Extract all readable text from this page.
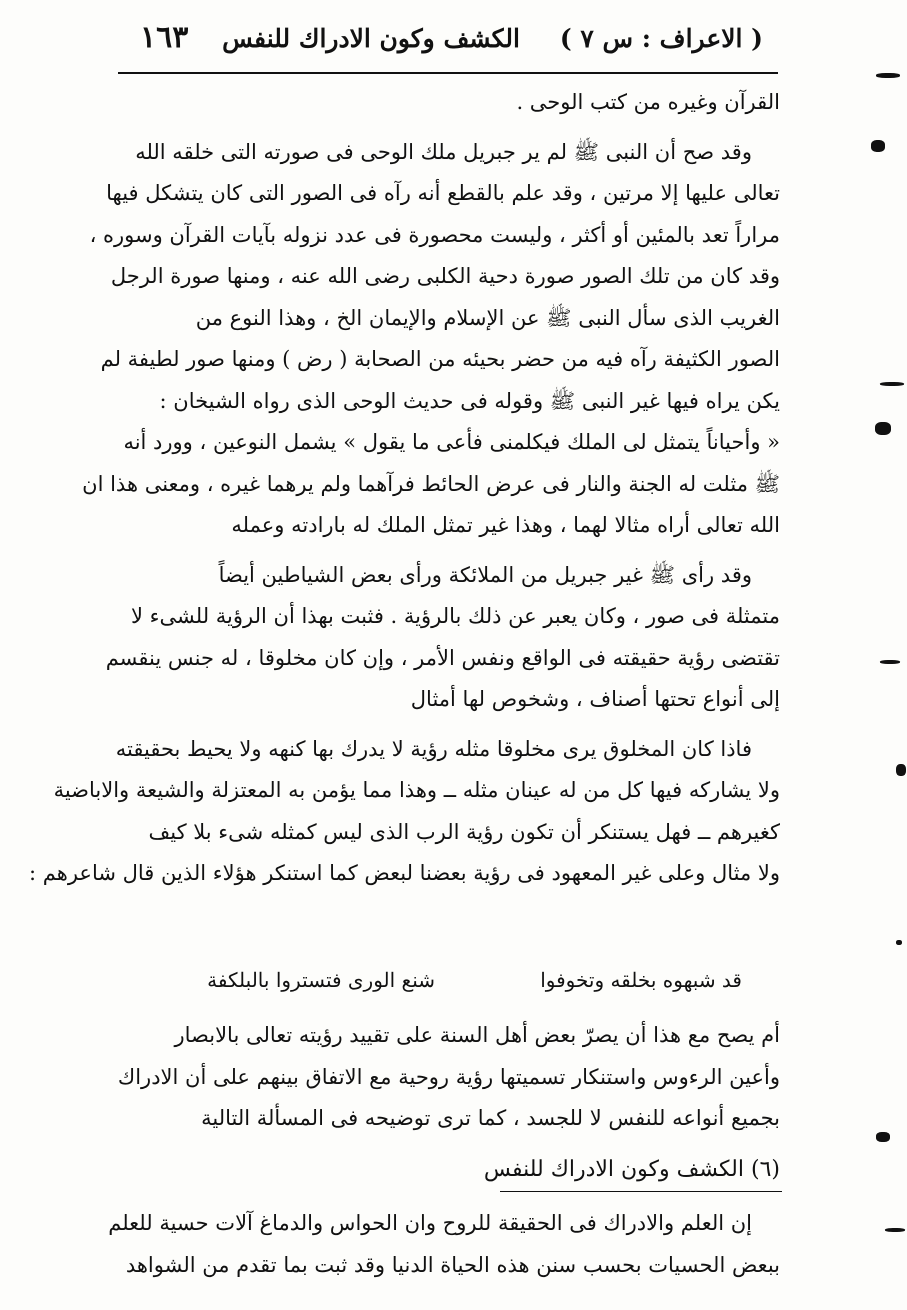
( الاعراف : س ٧ )
الكشف وكون الادراك للنفس
١٦٣
القرآن وغيره من كتب الوحى .
وقد صح أن النبى ﷺ لم ير جبريل ملك الوحى فى صورته التى خلقه الله
تعالى عليها إلا مرتين ، وقد علم بالقطع أنه رآه فى الصور التى كان يتشكل فيها
مراراً تعد بالمئين أو أكثر ، وليست محصورة فى عدد نزوله بآيات القرآن وسوره ،
وقد كان من تلك الصور صورة دحية الكلبى رضى الله عنه ، ومنها صورة الرجل
الغريب الذى سأل النبى ﷺ عن الإسلام والإيمان الخ ، وهذا النوع من
الصور الكثيفة رآه فيه من حضر بحيئه من الصحابة ( رض ) ومنها صور لطيفة لم
يكن يراه فيها غير النبى ﷺ وقوله فى حديث الوحى الذى رواه الشيخان :
« وأحياناً يتمثل لى الملك فيكلمنى فأعى ما يقول » يشمل النوعين ، وورد أنه
ﷺ مثلت له الجنة والنار فى عرض الحائط فرآهما ولم يرهما غيره ، ومعنى هذا ان
الله تعالى أراه مثالا لهما ، وهذا غير تمثل الملك له بارادته وعمله
وقد رأى ﷺ غير جبريل من الملائكة ورأى بعض الشياطين أيضاً
متمثلة فى صور ، وكان يعبر عن ذلك بالرؤية . فثبت بهذا أن الرؤية للشىء لا
تقتضى رؤية حقيقته فى الواقع ونفس الأمر ، وإن كان مخلوقا ، له جنس ينقسم
إلى أنواع تحتها أصناف ، وشخوص لها أمثال
فاذا كان المخلوق يرى مخلوقا مثله رؤية لا يدرك بها كنهه ولا يحيط بحقيقته
ولا يشاركه فيها كل من له عينان مثله ــ وهذا مما يؤمن به المعتزلة والشيعة والاباضية
كغيرهم ــ فهل يستنكر أن تكون رؤية الرب الذى ليس كمثله شىء بلا كيف
ولا مثال وعلى غير المعهود فى رؤية بعضنا لبعض كما استنكر هؤلاء الذين قال شاعرهم :
قد شبهوه بخلقه وتخوفوا
شنع الورى فتستروا بالبلكفة
أم يصح مع هذا أن يصرّ بعض أهل السنة على تقييد رؤيته تعالى بالابصار
وأعين الرءوس واستنكار تسميتها رؤية روحية مع الاتفاق بينهم على أن الادراك
بجميع أنواعه للنفس لا للجسد ، كما ترى توضيحه فى المسألة التالية
(٦) الكشف وكون الادراك للنفس
إن العلم والادراك فى الحقيقة للروح وان الحواس والدماغ آلات حسية للعلم
ببعض الحسيات بحسب سنن هذه الحياة الدنيا وقد ثبت بما تقدم من الشواهد
